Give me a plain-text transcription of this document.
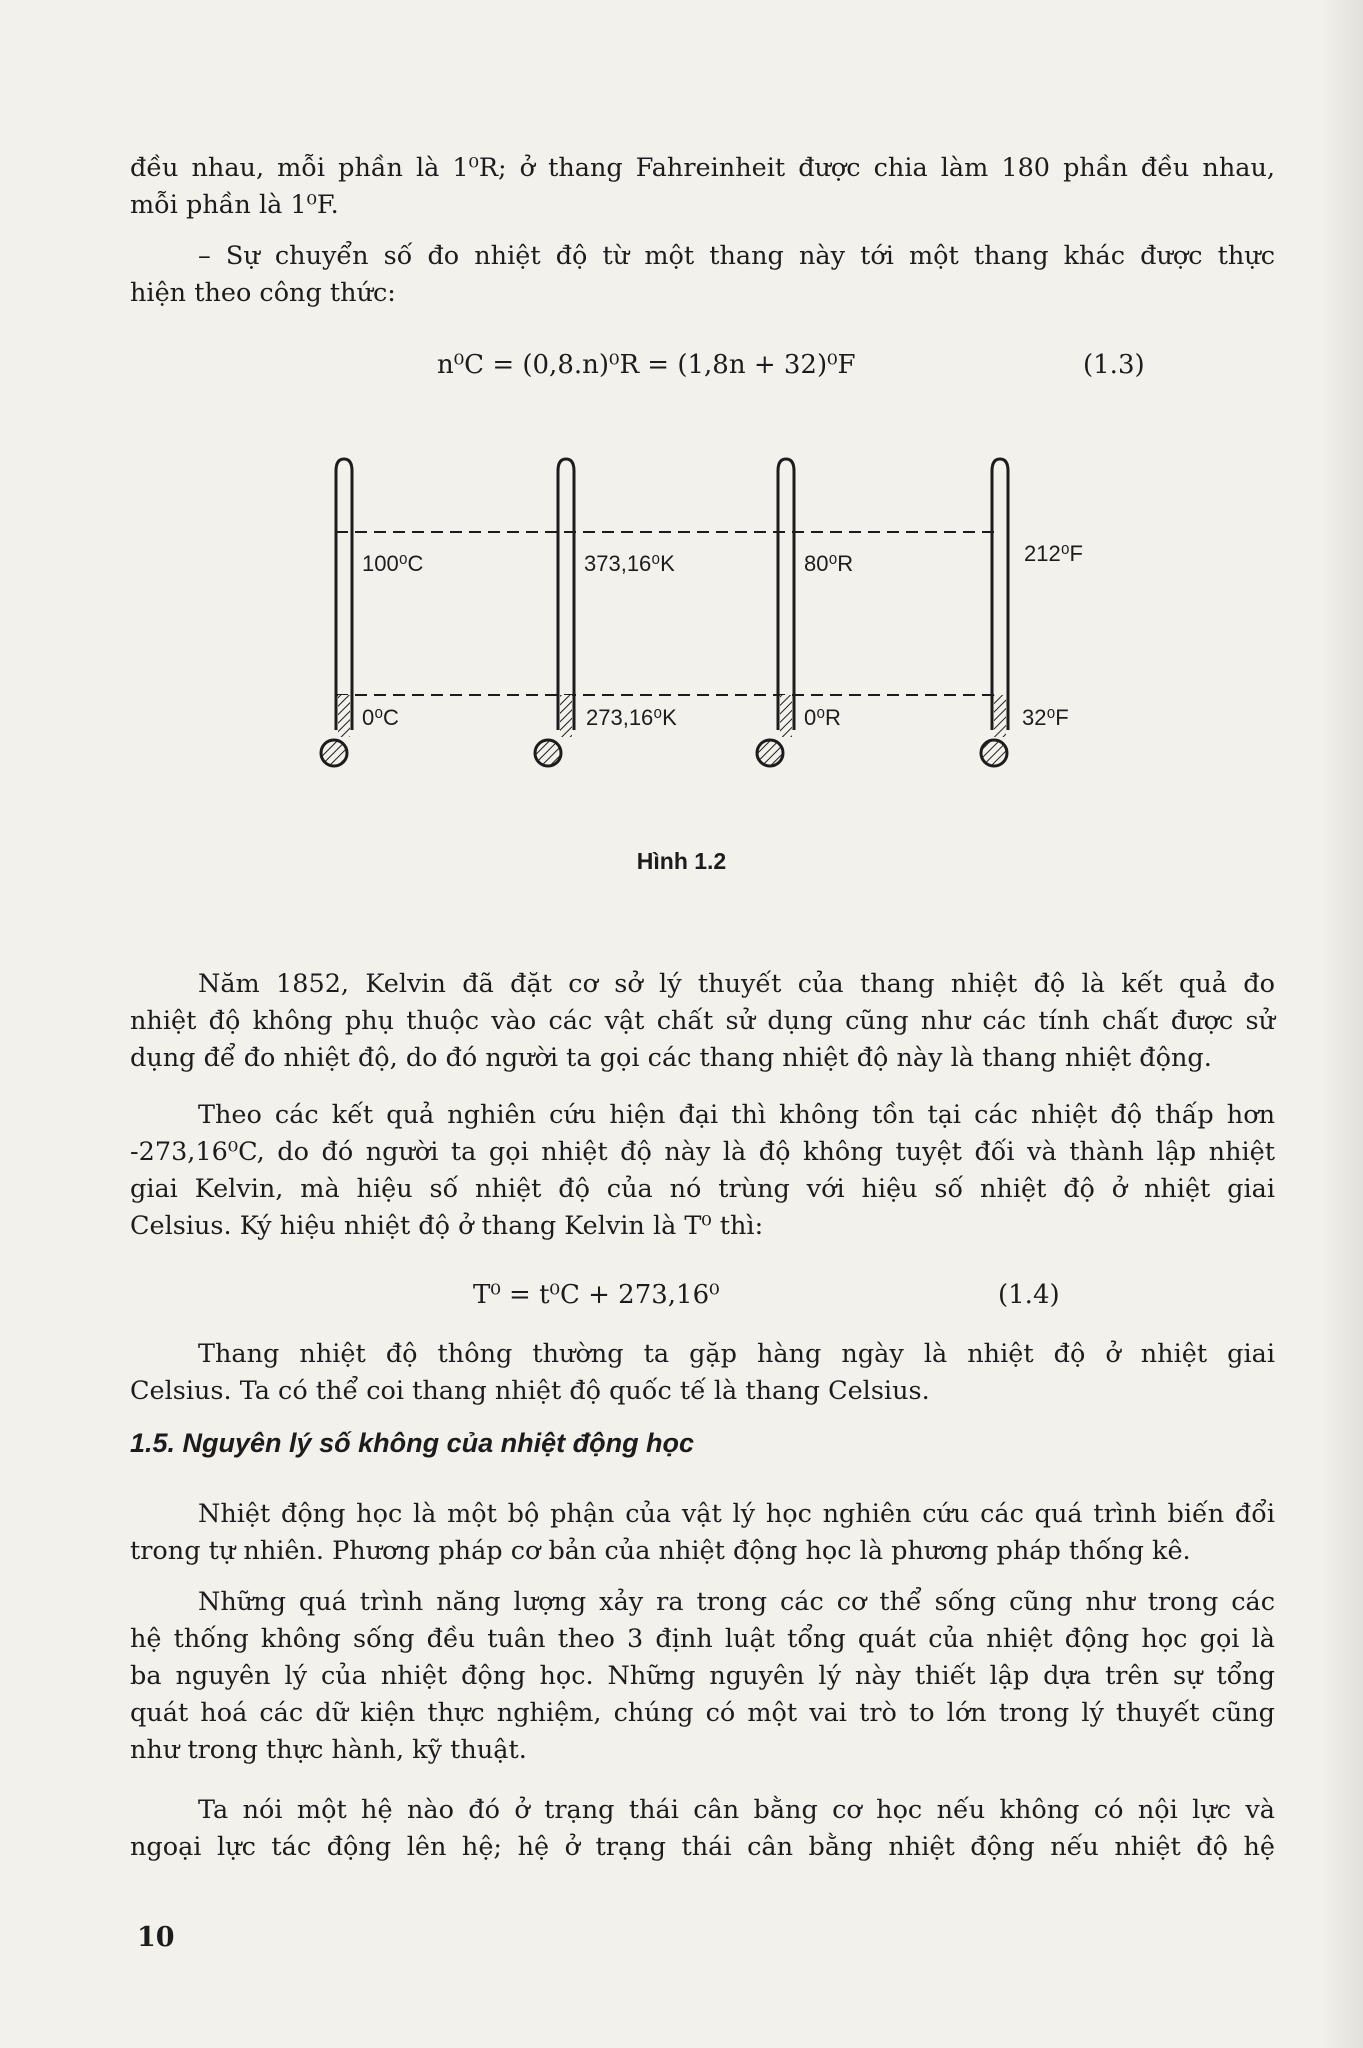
đều nhau, mỗi phần là 1⁰R; ở thang Fahreinheit được chia làm 180 phần đều nhau,
mỗi phần là 1⁰F.
– Sự chuyển số đo nhiệt độ từ một thang này tới một thang khác được thực
hiện theo công thức:
n⁰C = (0,8.n)⁰R = (1,8n + 32)⁰F	(1.3)
100⁰C	373,16⁰K	80⁰R	212⁰F
0⁰C	273,16⁰K	0⁰R	32⁰F
Hình 1.2
Năm 1852, Kelvin đã đặt cơ sở lý thuyết của thang nhiệt độ là kết quả đo
nhiệt độ không phụ thuộc vào các vật chất sử dụng cũng như các tính chất được sử
dụng để đo nhiệt độ, do đó người ta gọi các thang nhiệt độ này là thang nhiệt động.
Theo các kết quả nghiên cứu hiện đại thì không tồn tại các nhiệt độ thấp hơn
-273,16⁰C, do đó người ta gọi nhiệt độ này là độ không tuyệt đối và thành lập nhiệt
giai Kelvin, mà hiệu số nhiệt độ của nó trùng với hiệu số nhiệt độ ở nhiệt giai
Celsius. Ký hiệu nhiệt độ ở thang Kelvin là T⁰ thì:
T⁰ = t⁰C + 273,16⁰	(1.4)
Thang nhiệt độ thông thường ta gặp hàng ngày là nhiệt độ ở nhiệt giai
Celsius. Ta có thể coi thang nhiệt độ quốc tế là thang Celsius.
1.5. Nguyên lý số không của nhiệt động học
Nhiệt động học là một bộ phận của vật lý học nghiên cứu các quá trình biến đổi
trong tự nhiên. Phương pháp cơ bản của nhiệt động học là phương pháp thống kê.
Những quá trình năng lượng xảy ra trong các cơ thể sống cũng như trong các
hệ thống không sống đều tuân theo 3 định luật tổng quát của nhiệt động học gọi là
ba nguyên lý của nhiệt động học. Những nguyên lý này thiết lập dựa trên sự tổng
quát hoá các dữ kiện thực nghiệm, chúng có một vai trò to lớn trong lý thuyết cũng
như trong thực hành, kỹ thuật.
Ta nói một hệ nào đó ở trạng thái cân bằng cơ học nếu không có nội lực và
ngoại lực tác động lên hệ; hệ ở trạng thái cân bằng nhiệt động nếu nhiệt độ hệ
10
